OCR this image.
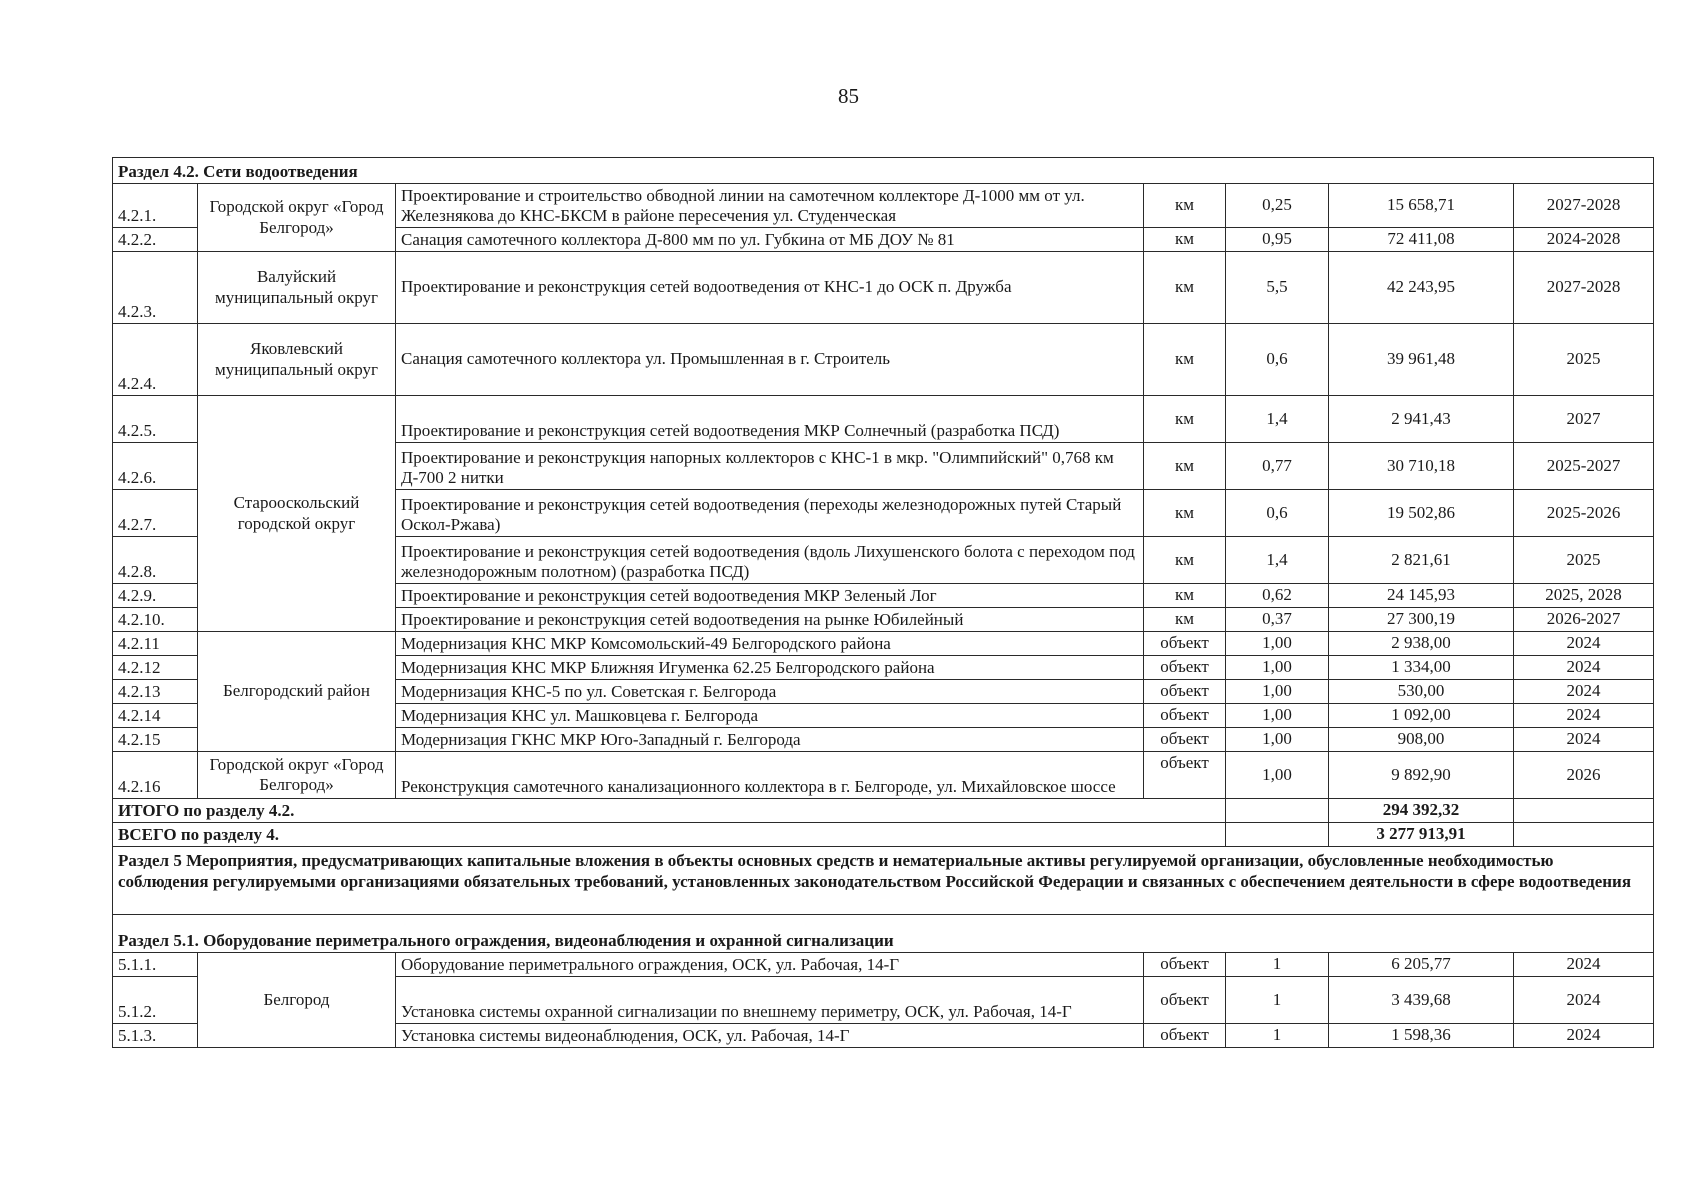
85
Раздел 4.2. Сети водоотведения						
4.2.1.	Городской округ «Город Белгород»	Проектирование и строительство обводной линии на самотечном коллекторе Д-1000 мм от ул. Железнякова до КНС-БКСМ в районе пересечения ул. Студенческая	км	0,25	15 658,71	2027-2028
4.2.2.		Санация самотечного коллектора Д-800 мм по ул. Губкина от МБ ДОУ № 81	км	0,95	72 411,08	2024-2028
4.2.3.	Валуйский муниципальный округ	Проектирование и реконструкция сетей водоотведения от КНС-1 до ОСК п. Дружба	км	5,5	42 243,95	2027-2028
4.2.4.	Яковлевский муниципальный округ	Санация самотечного коллектора ул. Промышленная в г. Строитель	км	0,6	39 961,48	2025
4.2.5.	Старооскольский городской округ	Проектирование и реконструкция сетей водоотведения МКР Солнечный (разработка ПСД)	км	1,4	2 941,43	2027
4.2.6.		Проектирование и реконструкция напорных коллекторов с КНС-1 в мкр. "Олимпийский" 0,768 км Д-700 2 нитки	км	0,77	30 710,18	2025-2027
4.2.7.		Проектирование и реконструкция сетей водоотведения (переходы железнодорожных путей Старый Оскол-Ржава)	км	0,6	19 502,86	2025-2026
4.2.8.		Проектирование и реконструкция сетей водоотведения (вдоль Лихушенского болота с переходом под железнодорожным полотном) (разработка ПСД)	км	1,4	2 821,61	2025
4.2.9.		Проектирование и реконструкция сетей водоотведения МКР Зеленый Лог	км	0,62	24 145,93	2025, 2028
4.2.10.		Проектирование и реконструкция сетей водоотведения на рынке Юбилейный	км	0,37	27 300,19	2026-2027
4.2.11	Белгородский район	Модернизация КНС МКР Комсомольский-49 Белгородского района	объект	1,00	2 938,00	2024
4.2.12		Модернизация КНС МКР Ближняя Игуменка 62.25 Белгородского района	объект	1,00	1 334,00	2024
4.2.13		Модернизация КНС-5 по ул. Советская г. Белгорода	объект	1,00	530,00	2024
4.2.14		Модернизация КНС ул. Машковцева г. Белгорода	объект	1,00	1 092,00	2024
4.2.15		Модернизация ГКНС МКР Юго-Западный г. Белгорода	объект	1,00	908,00	2024
4.2.16	Городской округ «Город Белгород»	Реконструкция самотечного канализационного коллектора в г. Белгороде, ул. Михайловское шоссе	объект	1,00	9 892,90	2026
ИТОГО по разделу 4.2.					294 392,32	
ВСЕГО по разделу 4.					3 277 913,91	
Раздел 5 Мероприятия, предусматривающих капитальные вложения в объекты основных средств и нематериальные активы регулируемой организации, обусловленные необходимостью соблюдения регулируемыми организациями обязательных требований, установленных законодательством Российской Федерации и связанных с обеспечением деятельности в сфере водоотведения						
Раздел 5.1. Оборудование периметрального ограждения, видеонаблюдения и охранной сигнализации						
5.1.1.	Белгород	Оборудование периметрального ограждения, ОСК, ул. Рабочая, 14-Г	объект	1	6 205,77	2024
5.1.2.		Установка системы охранной сигнализации по внешнему периметру, ОСК, ул. Рабочая, 14-Г	объект	1	3 439,68	2024
5.1.3.		Установка системы видеонаблюдения, ОСК, ул. Рабочая, 14-Г	объект	1	1 598,36	2024
